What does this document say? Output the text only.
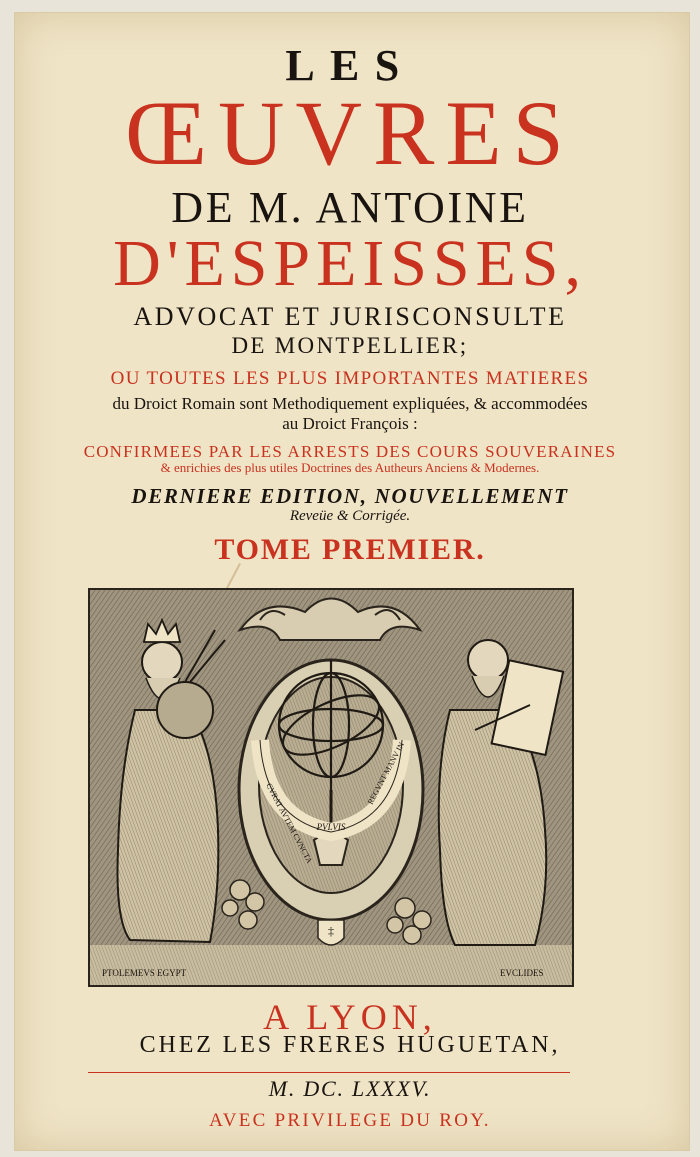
LES
ŒUVRES
DE M. ANTOINE
D'ESPEISSES,
ADVOCAT ET JURISCONSULTE
DE MONTPELLIER;
OU TOUTES LES PLUS IMPORTANTES MATIERES
du Droict Romain sont Methodiquement expliquées, & accommodées
au Droict François :
CONFIRMEES PAR LES ARRESTS DES COURS SOUVERAINES
& enrichies des plus utiles Doctrines des Autheurs Anciens & Modernes.
DERNIERE EDITION, NOUVELLEMENT
Reveüe & Corrigée.
TOME PREMIER.
CVRAT AVTEM CVNCTA
REGVNT MANV IN
PVLVIS
‡
PTOLEMEVS EGYPT	EVCLIDES
A LYON,
CHEZ LES FRERES HUGUETAN,
M. DC. LXXXV.
AVEC PRIVILEGE DU ROY.
